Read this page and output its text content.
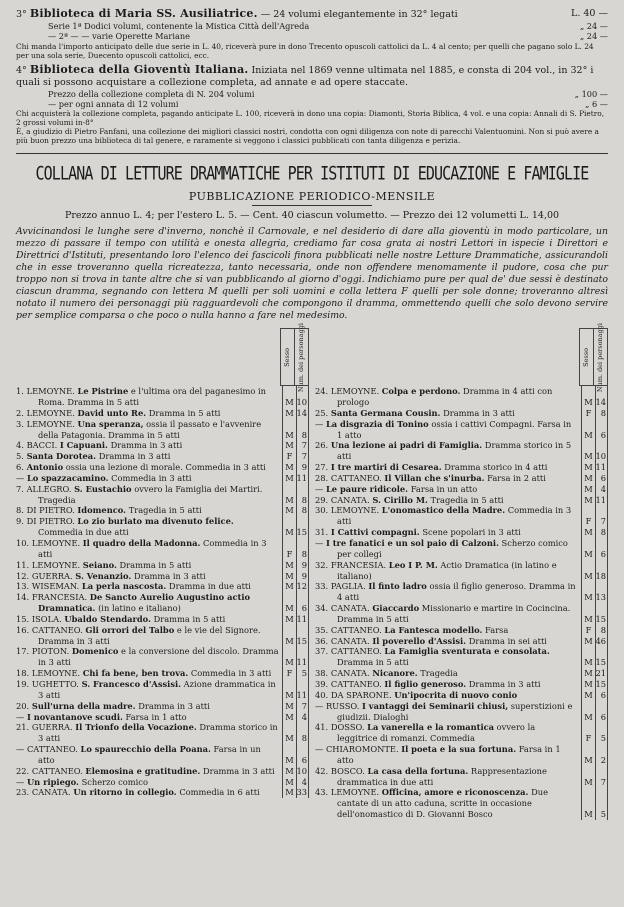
3° Biblioteca di Maria SS. Ausiliatrice. — 24 volumi elegantemente in 32° legati	L. 40 —
Serie 1ª Dodici volumi, contenente la Mistica Città dell'Agreda	„ 24 —
— 2ª — — varie Operette Mariane	„ 24 —

Chi manda l'importo anticipato delle due serie in L. 40, riceverà pure in dono Trecento opuscoli cattolici da L. 4 al cento; per quelli che pagano solo L. 24 per una sola serie, Duecento opuscoli cattolici, ecc.

4° Biblioteca della Gioventù Italiana. Iniziata nel 1869 venne ultimata nel 1885, e consta di 204 vol., in 32° i quali si possono acquistare a collezione completa, ad annate e ad opere staccate.

Prezzo della collezione completa di N. 204 volumi	„ 100 —
— per ogni annata di 12 volumi	„ 6 —

Chi acquisterà la collezione completa, pagando anticipate L. 100, riceverà in dono una copia: Diamonti, Storia Biblica, 4 vol. e una copia: Annali di S. Pietro, 2 grossi volumi in-8°

È, a giudizio di Pietro Fanfani, una collezione dei migliori classici nostri, condotta con ogni diligenza con note di parecchi Valentuomini. Non si può avere a più buon prezzo una biblioteca di tal genere, e raramente si veggono i classici pubblicati con tanta diligenza e perizia.

COLLANA DI LETTURE DRAMMATICHE PER ISTITUTI DI EDUCAZIONE E FAMIGLIE
PUBBLICAZIONE PERIODICO-MENSILE
Prezzo annuo L. 4; per l'estero L. 5. — Cent. 40 ciascun volumetto. — Prezzo dei 12 volumetti L. 14,00

Avvicinandosi le lunghe sere d'inverno, nonchè il Carnovale, e nel desiderio di dare alla gioventù in modo particolare, un mezzo di passare il tempo con utilità e onesta allegria, crediamo far cosa grata ai nostri Lettori in ispecie i Direttori e Direttrici d'Istituti, presentando loro l'elenco dei fascicoli finora pubblicati nelle nostre Letture Drammatiche, assicurandoli che in esse troveranno quella ricreatezza, tanto necessaria, onde non offendere menomamente il pudore, cosa che pur troppo non si trova in tante altre che si van pubblicando al giorno d'oggi. Indichiamo pure per qual de' due sessi è destinato ciascun dramma, segnando con lettera M quelli per soli uomini e colla lettera F quelli per sole donne; troveranno altresì notato il numero dei personaggi più ragguardevoli che compongono il dramma, ommettendo quelli che solo devono servire per semplice comparsa o che poco o nulla hanno a fare nel medesimo.

Sesso Num. dei personaggi
1. LEMOYNE. Le Pistrine e l'ultima ora del paganesimo in Roma. Dramma in 5 atti	M 10
2. LEMOYNE. David unto Re. Dramma in 5 atti	M 14
3. LEMOYNE. Una speranza, ossia il passato e l'avvenire della Patagonia. Dramma in 5 atti	M 8
4. BACCI. I Capuani. Dramma in 3 atti	M 7
5. Santa Dorotea. Dramma in 3 atti	F	7
6. Antonio ossia una lezione di morale. Commedia in 3 atti	M 9
— Lo spazzacamino. Commedia in 3 atti	M 11
7. ALLEGRO. S. Eustachio ovvero la Famiglia dei Martiri. Tragedia	M 8
8. DI PIETRO. Idomenco. Tragedia in 5 atti	M 8
9. DI PIETRO. Lo zio burlato ma divenuto felice. Commedia in due atti	M 15
10. LEMOYNE. Il quadro della Madonna. Commedia in 3 atti	F	8
11. LEMOYNE. Seiano. Dramma in 5 atti	M 9
12. GUERRA. S. Venanzio. Dramma in 3 atti	M 9
13. WISEMAN. La perla nascosta. Dramma in due atti	M 12
14. FRANCESIA. De Sancto Aurelio Augustino actio Dramnatica. (in latino e italiano)	M 6
15. ISOLA. Ubaldo Stendardo. Dramma in 5 atti	M 11
16. CATTANEO. Gli orrori del Talbo e le vie del Signore. Dramma in 3 atti	M 15
17. PIOTON. Domenico e la conversione del discolo. Dramma in 3 atti	M 11
18. LEMOYNE. Chi fa bene, ben trova. Commedia in 3 atti	F	5
19. UGHETTO. S. Francesco d'Assisi. Azione drammatica in 3 atti	M 11
20. Sull'urna della madre. Dramma in 3 atti	M 7
— I novantanove scudi. Farsa in 1 atto	M 4
21. GUERRA. Il Trionfo della Vocazione. Dramma storico in 3 atti	M 8
— CATTANEO. Lo spaurecchio della Poana. Farsa in un atto	M 6
22. CATTANEO. Elemosina e gratitudine. Dramma in 3 atti	M 10
— Un ripiego. Scherzo comico	M 4
23. CANATA. Un ritorno in collegio. Commedia in 6 atti	M 33
Sesso Num. dei personaggi
24. LEMOYNE. Colpa e perdono. Dramma in 4 atti con prologo	M 14
25. Santa Germana Cousin. Dramma in 3 atti	F	8
— La disgrazia di Tonino ossia i cattivi Compagni. Farsa in 1 atto	M 6
26. Una lezione ai padri di Famiglia. Dramma storico in 5 atti	M 10
27. I tre martiri di Cesarea. Dramma storico in 4 atti	M 11
28. CATTANEO. Il Villan che s'inurba. Farsa in 2 atti	M 6
— Le paure ridicole. Farsa in un atto	M 4
29. CANATA. S. Cirillo M. Tragedia in 5 atti	M 11
30. LEMOYNE. L'onomastico della Madre. Commedia in 3 atti	F	7
31. I Cattivi compagni. Scene popolari in 3 atti	M 8
— I tre fanatici e un sol paio di Calzoni. Scherzo comico per collegi	M 6
32. FRANCESIA. Leo I P. M. Actio Dramatica (in latino e italiano)	M 18
33. PAGLIA. Il finto ladro ossia il figlio generoso. Dramma in 4 atti	M 13
34. CANATA. Giaccardo Missionario e martire in Cocincina. Dramma in 5 atti	M 15
35. CATTANEO. La Fantesca modello. Farsa	F	8
36. CANATA. Il poverello d'Assisi. Dramma in sei atti	M 46
37. CATTANEO. La Famiglia sventurata e consolata. Dramma in 5 atti	M 15
38. CANATA. Nicanore. Tragedia	M 21
39. CATTANEO. Il figlio generoso. Dramma in 3 atti	M 15
40. DA SPARONE. Un'ipocrita di nuovo conio	M 6
— RUSSO. I vantaggi dei Seminarii chiusi, superstizioni e giudizii. Dialoghi	M 6
41. DOSSO. La vanerella e la romantica ovvero la leggitrice di romanzi. Commedia	F	5
— CHIAROMONTE. Il poeta e la sua fortuna. Farsa in 1 atto	M 2
42. BOSCO. La casa della fortuna. Rappresentazione drammatica in due atti	M 7
43. LEMOYNE. Officina, amore e riconoscenza. Due cantate di un atto caduna, scritte in occasione dell'onomastico di D. Giovanni Bosco	M 5
